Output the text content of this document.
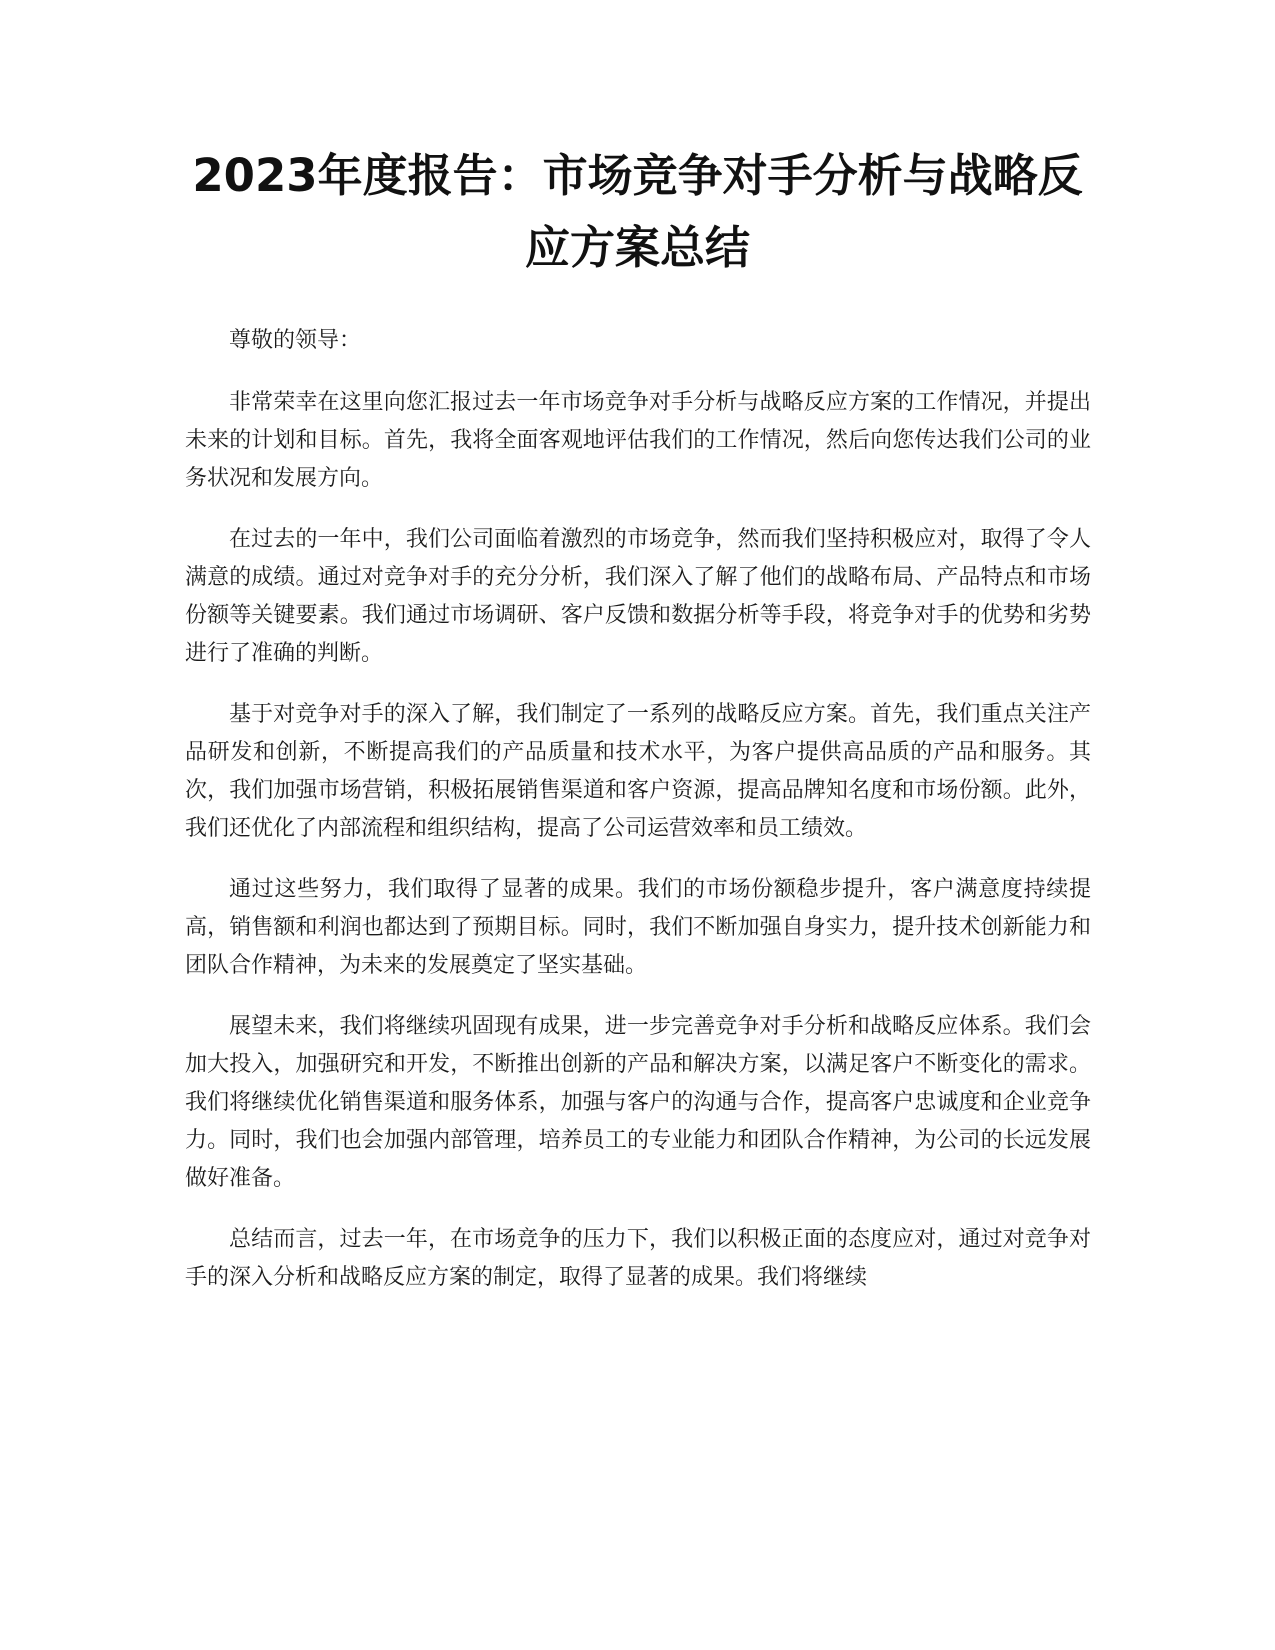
2023年度报告：市场竞争对手分析与战略反
应方案总结

尊敬的领导：

非常荣幸在这里向您汇报过去一年市场竞争对手分析与战略反应方案的工作情况，并提出未来的计划和目标。首先，我将全面客观地评估我们的工作情况，然后向您传达我们公司的业务状况和发展方向。

在过去的一年中，我们公司面临着激烈的市场竞争，然而我们坚持积极应对，取得了令人满意的成绩。通过对竞争对手的充分分析，我们深入了解了他们的战略布局、产品特点和市场份额等关键要素。我们通过市场调研、客户反馈和数据分析等手段，将竞争对手的优势和劣势进行了准确的判断。

基于对竞争对手的深入了解，我们制定了一系列的战略反应方案。首先，我们重点关注产品研发和创新，不断提高我们的产品质量和技术水平，为客户提供高品质的产品和服务。其次，我们加强市场营销，积极拓展销售渠道和客户资源，提高品牌知名度和市场份额。此外，我们还优化了内部流程和组织结构，提高了公司运营效率和员工绩效。

通过这些努力，我们取得了显著的成果。我们的市场份额稳步提升，客户满意度持续提高，销售额和利润也都达到了预期目标。同时，我们不断加强自身实力，提升技术创新能力和团队合作精神，为未来的发展奠定了坚实基础。

展望未来，我们将继续巩固现有成果，进一步完善竞争对手分析和战略反应体系。我们会加大投入，加强研究和开发，不断推出创新的产品和解决方案，以满足客户不断变化的需求。我们将继续优化销售渠道和服务体系，加强与客户的沟通与合作，提高客户忠诚度和企业竞争力。同时，我们也会加强内部管理，培养员工的专业能力和团队合作精神，为公司的长远发展做好准备。

总结而言，过去一年，在市场竞争的压力下，我们以积极正面的态度应对，通过对竞争对手的深入分析和战略反应方案的制定，取得了显著的成果。我们将继续
